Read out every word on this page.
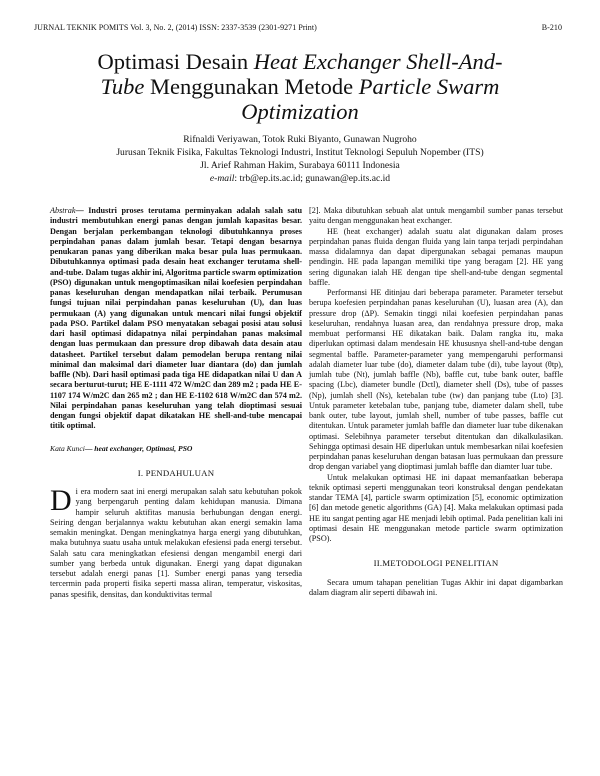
JURNAL TEKNIK POMITS Vol. 3, No. 2, (2014) ISSN: 2337-3539 (2301-9271 Print)	B-210
Optimasi Desain Heat Exchanger Shell-And-
Tube Menggunakan Metode Particle Swarm
Optimization
Rifnaldi Veriyawan, Totok Ruki Biyanto, Gunawan Nugroho
Jurusan Teknik Fisika, Fakultas Teknologi Industri, Institut Teknologi Sepuluh Nopember (ITS)
Jl. Arief Rahman Hakim, Surabaya 60111 Indonesia
e-mail: trb@ep.its.ac.id; gunawan@ep.its.ac.id

Abstrak— Industri proses terutama perminyakan adalah salah satu industri membutuhkan energi panas dengan jumlah kapasitas besar. Dengan berjalan perkembangan teknologi dibutuhkannya proses perpindahan panas dalam jumlah besar. Tetapi dengan besarnya penukaran panas yang diberikan maka besar pula luas permukaan. Dibutuhkannya optimasi pada desain heat exchanger terutama shell-and-tube. Dalam tugas akhir ini, Algoritma particle swarm optimization (PSO) digunakan untuk mengoptimasikan nilai koefesien perpindahan panas keseluruhan dengan mendapatkan nilai terbaik. Perumusan fungsi tujuan nilai perpindahan panas keseluruhan (U), dan luas permukaan (A) yang digunakan untuk mencari nilai fungsi objektif pada PSO. Partikel dalam PSO menyatakan sebagai posisi atau solusi dari hasil optimasi didapatnya nilai perpindahan panas maksimal dengan luas permukaan dan pressure drop dibawah data desain atau datasheet. Partikel tersebut dalam pemodelan berupa rentang nilai minimal dan maksimal dari diameter luar diantara (do) dan jumlah baffle (Nb). Dari hasil optimasi pada tiga HE didapatkan nilai U dan A secara berturut-turut; HE E-1111 472 W/m2C dan 289 m2 ; pada HE E-1107 174 W/m2C dan 265 m2 ; dan HE E-1102 618 W/m2C dan 574 m2. Nilai perpindahan panas keseluruhan yang telah dioptimasi sesuai dengan fungsi objektif dapat dikatakan HE shell-and-tube mencapai titik optimal.

Kata Kunci— heat exchanger, Optimasi, PSO

I. PENDAHULUAN

Di era modern saat ini energi merupakan salah satu kebutuhan pokok yang berpengaruh penting dalam kehidupan manusia. Dimana hampir seluruh aktifitas manusia berhubungan dengan energi. Seiring dengan berjalannya waktu kebutuhan akan energi semakin lama semakin meningkat. Dengan meningkatnya harga energi yang dibutuhkan, maka butuhnya suatu usaha untuk melakukan efesiensi pada energi tersebut. Salah satu cara meningkatkan efesiensi dengan mengambil energi dari sumber yang berbeda untuk digunakan. Energi yang dapat digunakan tersebut adalah energi panas [1]. Sumber energi panas yang tersedia tercermin pada properti fisika seperti massa aliran, temperatur, viskositas, panas spesifik, densitas, dan konduktivitas termal

[2]. Maka dibutuhkan sebuah alat untuk mengambil sumber panas tersebut yaitu dengan menggunakan heat exchanger.

HE (heat exchanger) adalah suatu alat digunakan dalam proses perpindahan panas fluida dengan fluida yang lain tanpa terjadi perpindahan massa didalamnya dan dapat dipergunakan sebagai pemanas maupun pendingin. HE pada lapangan memiliki tipe yang beragam [2]. HE yang sering digunakan ialah HE dengan tipe shell-and-tube dengan segmental baffle.

Performansi HE ditinjau dari beberapa parameter. Parameter tersebut berupa koefesien perpindahan panas keseluruhan (U), luasan area (A), dan pressure drop (ΔP). Semakin tinggi nilai koefesien perpindahan panas keseluruhan, rendahnya luasan area, dan rendahnya pressure drop, maka membuat performansi HE dikatakan baik. Dalam rangka itu, maka diperlukan optimasi dalam mendesain HE khususnya shell-and-tube dengan segmental baffle. Parameter-parameter yang mempengaruhi performansi adalah diameter luar tube (do), diameter dalam tube (di), tube layout (θtp), jumlah tube (Nt), jumlah baffle (Nb), baffle cut, tube bank outer, baffle spacing (Lbc), diameter bundle (Dctl), diameter shell (Ds), tube of passes (Np), jumlah shell (Ns), ketebalan tube (tw) dan panjang tube (Lto) [3]. Untuk parameter ketebalan tube, panjang tube, diameter dalam shell, tube bank outer, tube layout, jumlah shell, number of tube passes, baffle cut ditentukan. Untuk parameter jumlah baffle dan diameter luar tube dikenakan optimasi. Selebihnya parameter tersebut ditentukan dan dikalkulasikan. Sehingga optimasi desain HE diperlukan untuk membesarkan nilai koefesien perpindahan panas keseluruhan dengan batasan luas permukaan dan pressure drop dengan variabel yang dioptimasi jumlah baffle dan diamter luar tube.

Untuk melakukan optimasi HE ini dapaat memanfaatkan beberapa teknik optimasi seperti menggunakan teori konstruksal dengan pendekatan standar TEMA [4], particle swarm optimization [5], economic optimization [6] dan metode genetic algorithms (GA) [4]. Maka melakukan optimasi pada HE itu sangat penting agar HE menjadi lebih optimal. Pada penelitian kali ini optimasi desain HE menggunakan metode particle swarm optimization (PSO).

II.METODOLOGI PENELITIAN

Secara umum tahapan penelitian Tugas Akhir ini dapat digambarkan dalam diagram alir seperti dibawah ini.
